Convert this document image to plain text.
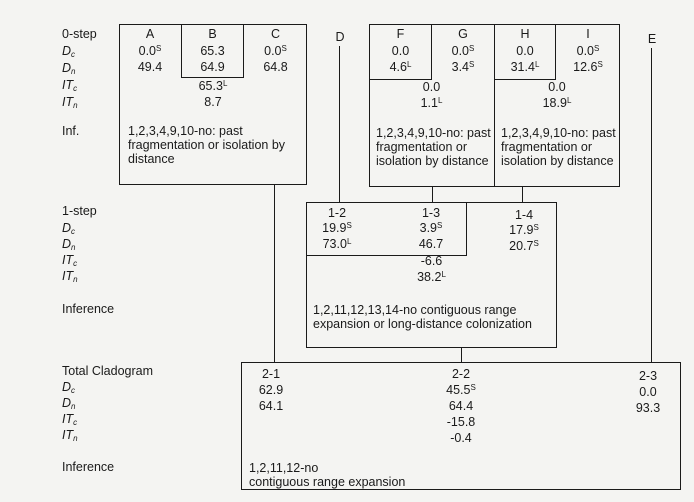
0-step
$D_c$
$D_n$
$IT_c$
$IT_n$
Inf.
1-step
$D_c$
$D_n$
$IT_c$
$IT_n$
Inference
Total Cladogram
$D_c$
$D_n$
$IT_c$
$IT_n$
Inference
A
$0.0^S$
49.4
B
65.3
64.9
C
$0.0^S$
64.8
$65.3^L$
8.7
1,2,3,4,9,10-no: past fragmentation or isolation by distance
F
0.0
$4.6^L$
G
$0.0^S$
$3.4^S$
H
0.0
$31.4^L$
I
$0.0^S$
$12.6^S$
0.0
$1.1^L$
1,2,3,4,9,10-no: past fragmentation or isolation by distance
0.0
$18.9^L$
1,2,3,4,9,10-no: past fragmentation or isolation by distance
D	E
1-2
$19.9^S$
$73.0^L$
1-3
$3.9^S$
46.7
1-4
$17.9^S$
$20.7^S$
-6.6
$38.2^L$
1,2,11,12,13,14-no contiguous range expansion or long-distance colonization
2-1
62.9
64.1
2-2
$45.5^S$
64.4
-15.8
-0.4
2-3
0.0
93.3
1,2,11,12-no
contiguous range expansion
